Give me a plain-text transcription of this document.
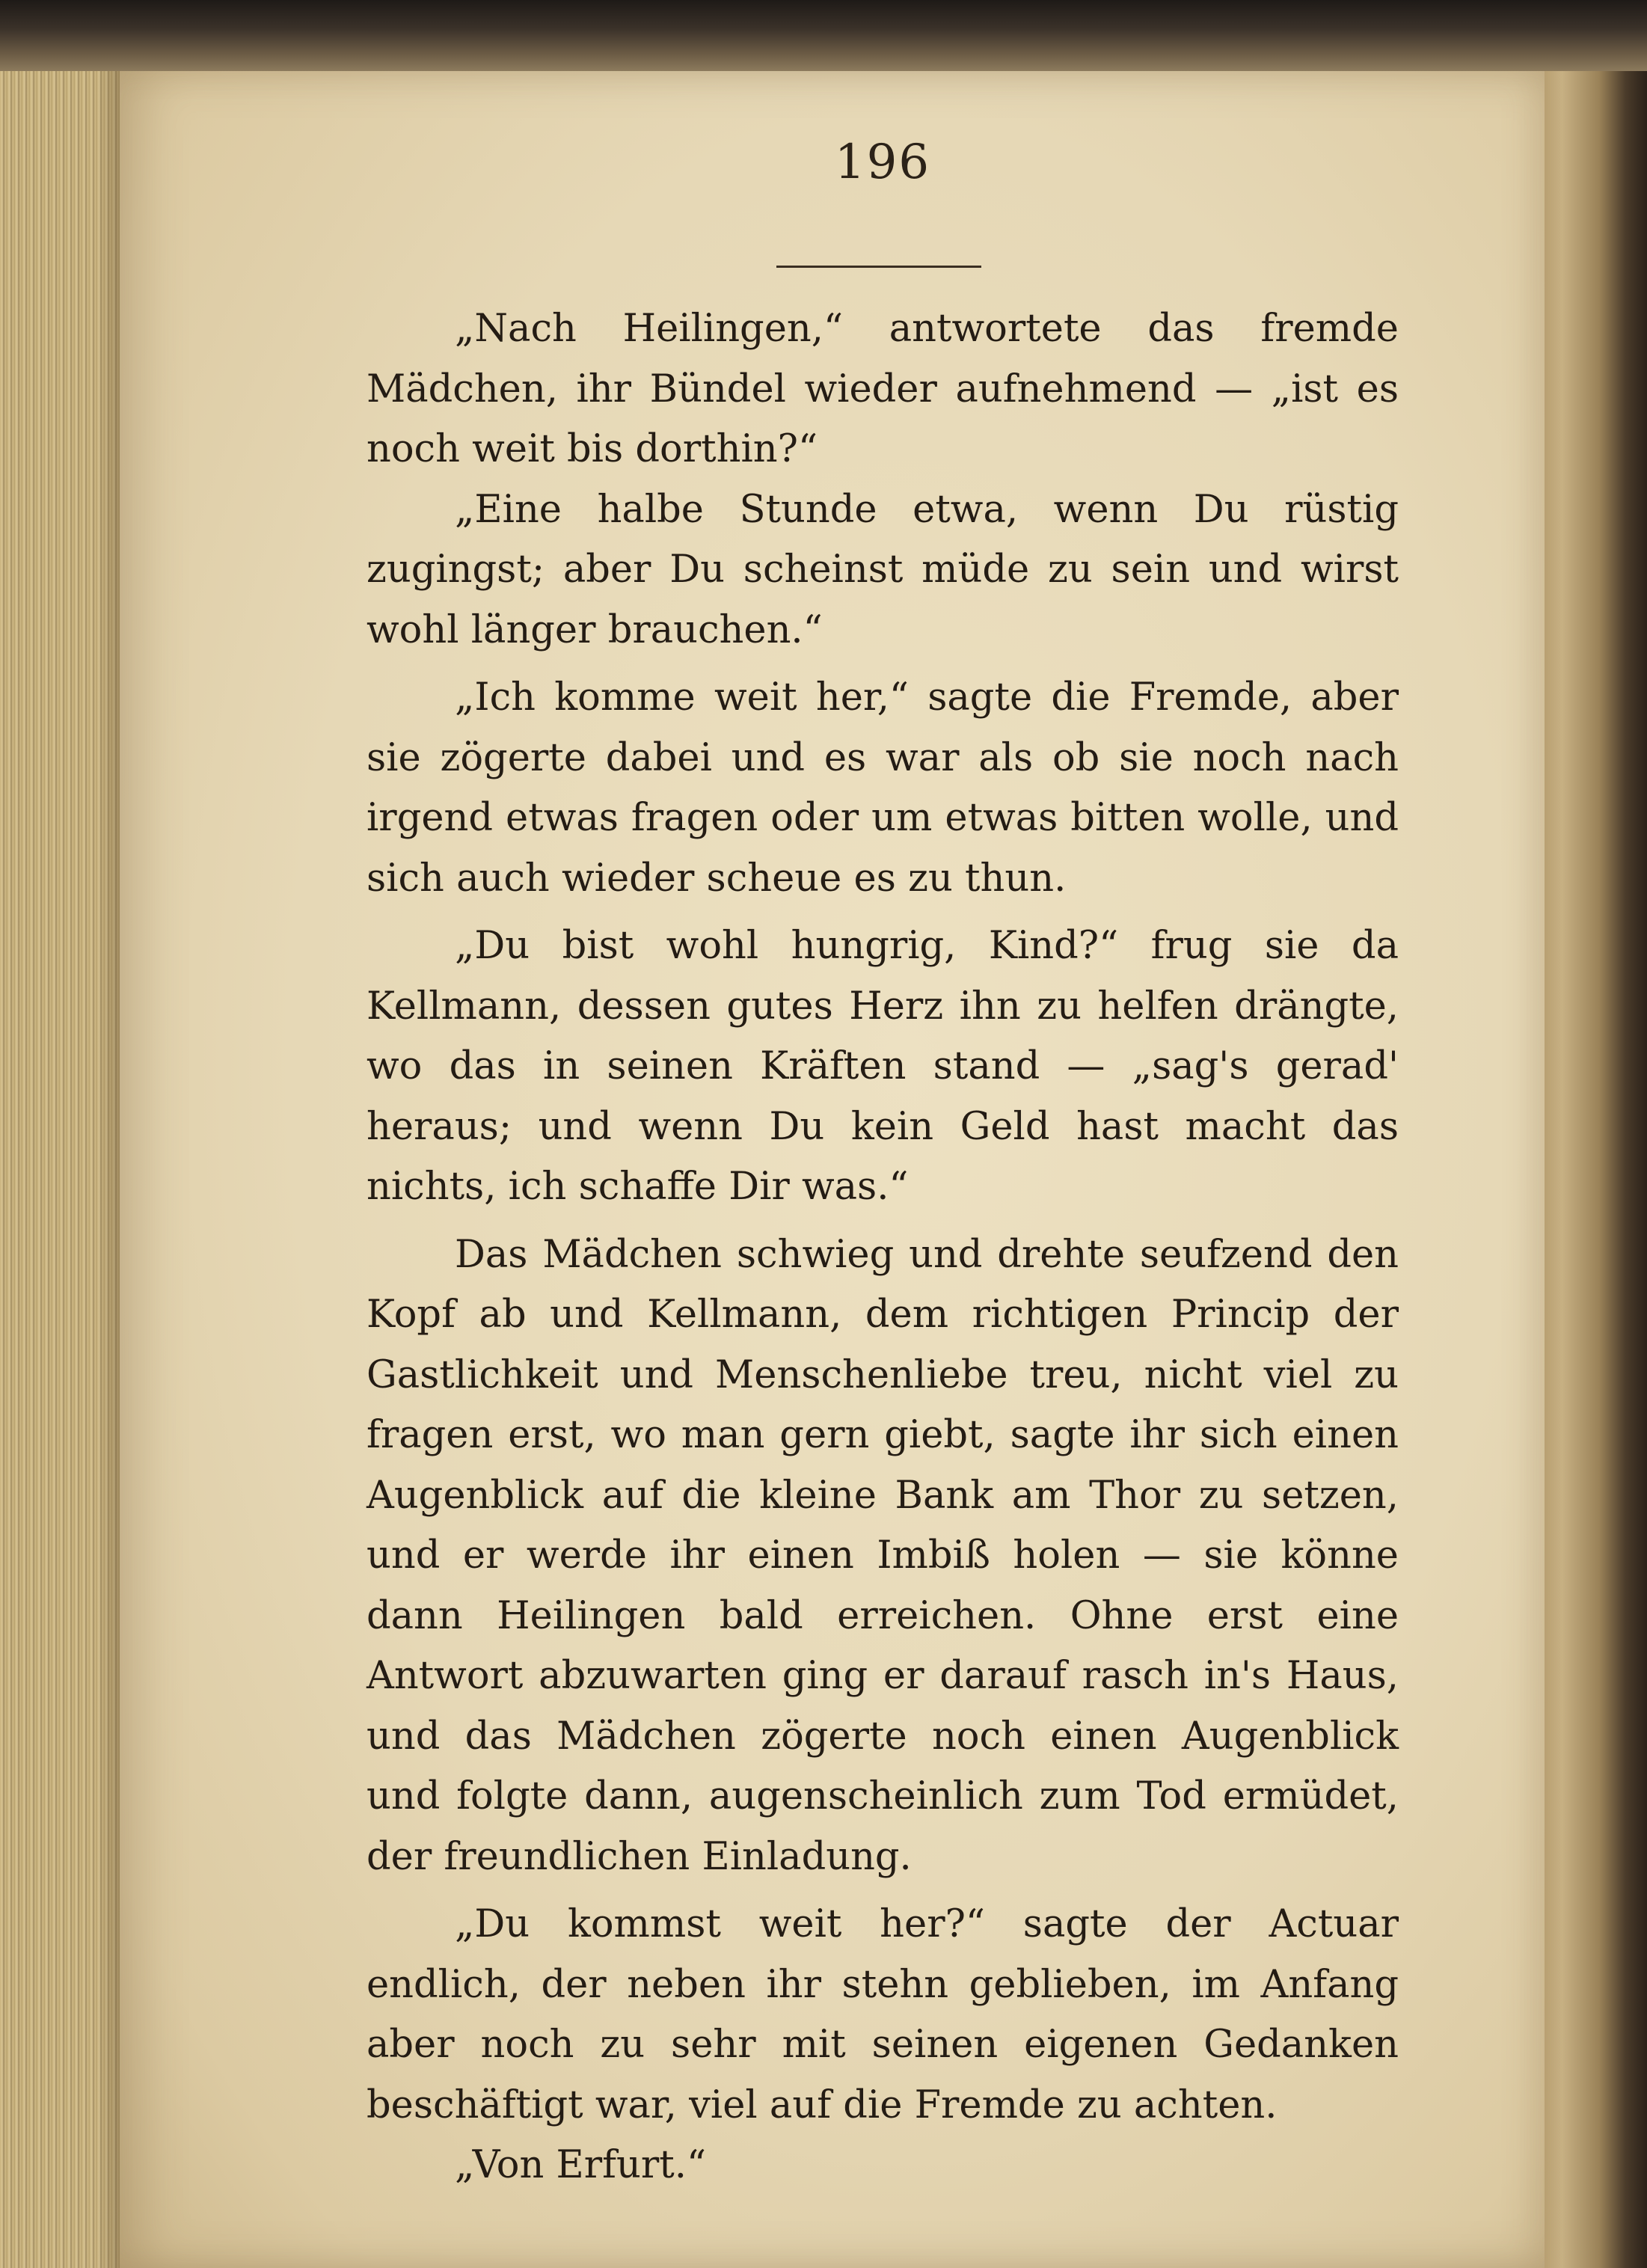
196

„Nach Heilingen,“ antwortete das fremde Mädchen, ihr Bündel wieder aufnehmend — „ist es noch weit bis dorthin?“

„Eine halbe Stunde etwa, wenn Du rüstig zugingst; aber Du scheinst müde zu sein und wirst wohl länger brauchen.“

„Ich komme weit her,“ sagte die Fremde, aber sie zögerte dabei und es war als ob sie noch nach irgend etwas fragen oder um etwas bitten wolle, und sich auch wieder scheue es zu thun.

„Du bist wohl hungrig, Kind?“ frug sie da Kellmann, dessen gutes Herz ihn zu helfen drängte, wo das in seinen Kräften stand — „sag's gerad' heraus; und wenn Du kein Geld hast macht das nichts, ich schaffe Dir was.“

Das Mädchen schwieg und drehte seufzend den Kopf ab und Kellmann, dem richtigen Princip der Gastlichkeit und Menschenliebe treu, nicht viel zu fragen erst, wo man gern giebt, sagte ihr sich einen Augenblick auf die kleine Bank am Thor zu setzen, und er werde ihr einen Imbiß holen — sie könne dann Heilingen bald erreichen. Ohne erst eine Antwort abzuwarten ging er darauf rasch in's Haus, und das Mädchen zögerte noch einen Augenblick und folgte dann, augenscheinlich zum Tod ermüdet, der freundlichen Einladung.

„Du kommst weit her?“ sagte der Actuar endlich, der neben ihr stehn geblieben, im Anfang aber noch zu sehr mit seinen eigenen Gedanken beschäftigt war, viel auf die Fremde zu achten.

„Von Erfurt.“
